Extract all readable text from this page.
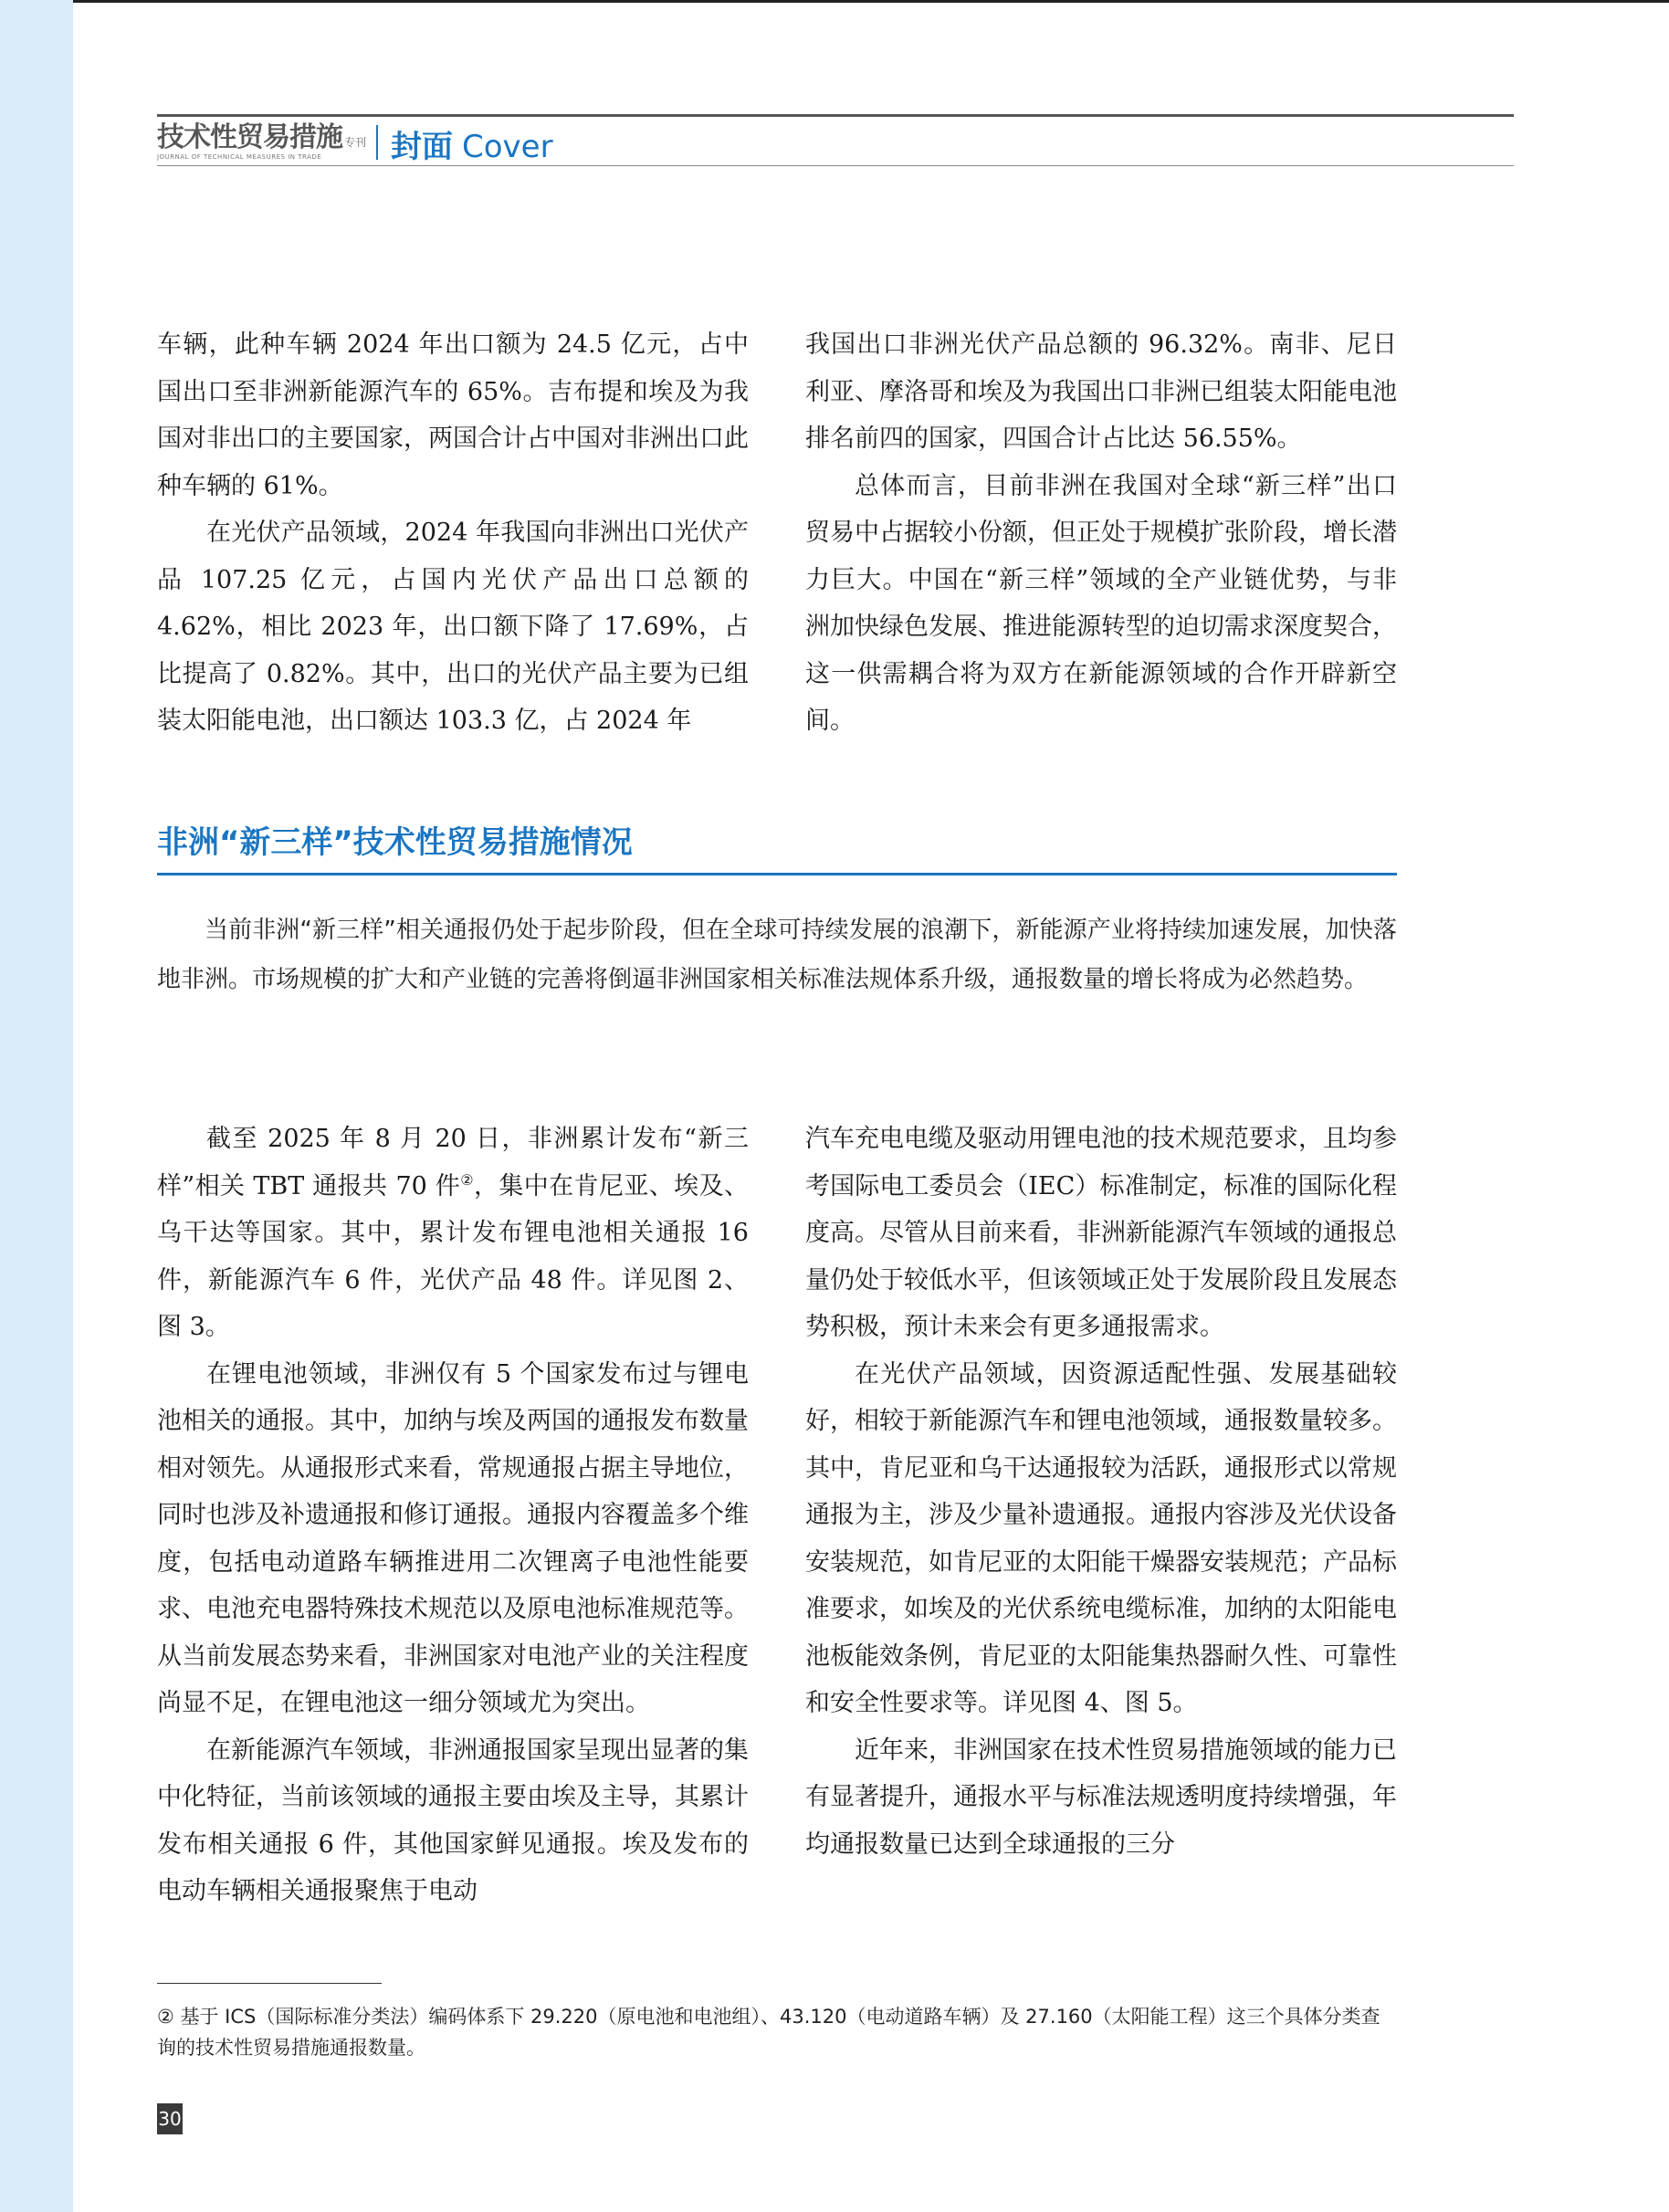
技术性贸易措施 专刊
JOURNAL OF TECHNICAL MEASURES IN TRADE 封面 Cover

车辆，此种车辆 2024 年出口额为 24.5 亿元，占中国出口至非洲新能源汽车的 65%。吉布提和埃及为我国对非出口的主要国家，两国合计占中国对非洲出口此种车辆的 61%。

在光伏产品领域，2024 年我国向非洲出口光伏产品 107.25 亿元，占国内光伏产品出口总额的 4.62%，相比 2023 年，出口额下降了 17.69%，占比提高了 0.82%。其中，出口的光伏产品主要为已组装太阳能电池，出口额达 103.3 亿，占 2024 年

我国出口非洲光伏产品总额的 96.32%。南非、尼日利亚、摩洛哥和埃及为我国出口非洲已组装太阳能电池排名前四的国家，四国合计占比达 56.55%。

总体而言，目前非洲在我国对全球“新三样”出口贸易中占据较小份额，但正处于规模扩张阶段，增长潜力巨大。中国在“新三样”领域的全产业链优势，与非洲加快绿色发展、推进能源转型的迫切需求深度契合，这一供需耦合将为双方在新能源领域的合作开辟新空间。

非洲“新三样”技术性贸易措施情况

当前非洲“新三样”相关通报仍处于起步阶段，但在全球可持续发展的浪潮下，新能源产业将持续加速发展，加快落地非洲。市场规模的扩大和产业链的完善将倒逼非洲国家相关标准法规体系升级，通报数量的增长将成为必然趋势。

截至 2025 年 8 月 20 日，非洲累计发布“新三样”相关 TBT 通报共 70 件②，集中在肯尼亚、埃及、乌干达等国家。其中，累计发布锂电池相关通报 16 件，新能源汽车 6 件，光伏产品 48 件。详见图 2、图 3。

在锂电池领域，非洲仅有 5 个国家发布过与锂电池相关的通报。其中，加纳与埃及两国的通报发布数量相对领先。从通报形式来看，常规通报占据主导地位，同时也涉及补遗通报和修订通报。通报内容覆盖多个维度，包括电动道路车辆推进用二次锂离子电池性能要求、电池充电器特殊技术规范以及原电池标准规范等。从当前发展态势来看，非洲国家对电池产业的关注程度尚显不足，在锂电池这一细分领域尤为突出。

在新能源汽车领域，非洲通报国家呈现出显著的集中化特征，当前该领域的通报主要由埃及主导，其累计发布相关通报 6 件，其他国家鲜见通报。埃及发布的电动车辆相关通报聚焦于电动

汽车充电电缆及驱动用锂电池的技术规范要求，且均参考国际电工委员会（IEC）标准制定，标准的国际化程度高。尽管从目前来看，非洲新能源汽车领域的通报总量仍处于较低水平，但该领域正处于发展阶段且发展态势积极，预计未来会有更多通报需求。

在光伏产品领域，因资源适配性强、发展基础较好，相较于新能源汽车和锂电池领域，通报数量较多。其中，肯尼亚和乌干达通报较为活跃，通报形式以常规通报为主，涉及少量补遗通报。通报内容涉及光伏设备安装规范，如肯尼亚的太阳能干燥器安装规范；产品标准要求，如埃及的光伏系统电缆标准，加纳的太阳能电池板能效条例，肯尼亚的太阳能集热器耐久性、可靠性和安全性要求等。详见图 4、图 5。

近年来，非洲国家在技术性贸易措施领域的能力已有显著提升，通报水平与标准法规透明度持续增强，年均通报数量已达到全球通报的三分

② 基于 ICS（国际标准分类法）编码体系下 29.220（原电池和电池组）、43.120（电动道路车辆）及 27.160（太阳能工程）这三个具体分类查询的技术性贸易措施通报数量。
30
